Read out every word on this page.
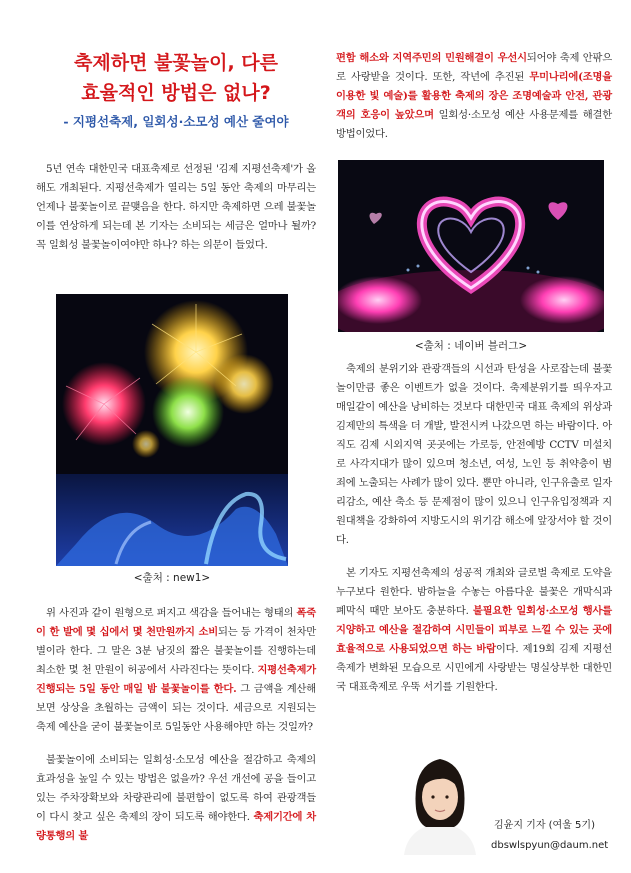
축제하면 불꽃놀이, 다른
효율적인 방법은 없나?
- 지평선축제, 일회성·소모성 예산 줄여야

5년 연속 대한민국 대표축제로 선정된 '김제 지평선축제'가 올해도 개최된다. 지평선축제가 열리는 5일 동안 축제의 마무리는 언제나 불꽃놀이로 끝맺음을 한다. 하지만 축제하면 으레 불꽃놀이를 연상하게 되는데 본 기자는 소비되는 세금은 얼마나 될까? 꼭 일회성 불꽃놀이여야만 하나? 하는 의문이 들었다.

<출처 : new1>

위 사진과 같이 원형으로 퍼지고 색감을 들어내는 형태의 폭죽이 한 발에 몇 십에서 몇 천만원까지 소비되는 등 가격이 천차만별이라 한다. 그 말은 3분 남짓의 짧은 불꽃놀이를 진행하는데 최소한 몇 천 만원이 허공에서 사라진다는 뜻이다. 지평선축제가 진행되는 5일 동안 매일 밤 불꽃놀이를 한다. 그 금액을 계산해보면 상상을 초월하는 금액이 되는 것이다. 세금으로 지원되는 축제 예산을 굳이 불꽃놀이로 5일동안 사용해야만 하는 것일까?

불꽃놀이에 소비되는 일회성·소모성 예산을 절감하고 축제의 효과성을 높일 수 있는 방법은 없을까? 우선 개선에 공을 들이고 있는 주차장확보와 차량관리에 불편함이 없도록 하여 관광객들이 다시 찾고 싶은 축제의 장이 되도록 해야한다. 축제기간에 차량통행의 불

편함 해소와 지역주민의 민원해결이 우선시되어야 축제 안팎으로 사랑받을 것이다. 또한, 작년에 추진된 무미나리에(조명을 이용한 빛 예술)를 활용한 축제의 장은 조명예술과 안전, 관광객의 호응이 높았으며 일회성·소모성 예산 사용문제를 해결한 방법이었다.

<출처 : 네이버 블러그>

축제의 분위기와 관광객들의 시선과 탄성을 사로잡는데 불꽃놀이만큼 좋은 이벤트가 없을 것이다. 축제분위기를 띄우자고 매일같이 예산을 낭비하는 것보다 대한민국 대표 축제의 위상과 김제만의 특색을 더 개발, 발전시켜 나갔으면 하는 바람이다. 아직도 김제 시외지역 곳곳에는 가로등, 안전예방 CCTV 미설치로 사각지대가 많이 있으며 청소년, 여성, 노인 등 취약층이 범죄에 노출되는 사례가 많이 있다. 뿐만 아니라, 인구유출로 일자리감소, 예산 축소 등 문제점이 많이 있으니 인구유입정책과 지원대책을 강화하여 지방도시의 위기감 해소에 앞장서야 할 것이다.

본 기자도 지평선축제의 성공적 개최와 글로벌 축제로 도약을 누구보다 원한다. 밤하늘을 수놓는 아름다운 불꽃은 개막식과 폐막식 때만 보아도 충분하다. 불필요한 일회성·소모성 행사를 지양하고 예산을 절감하여 시민들이 피부로 느낄 수 있는 곳에 효율적으로 사용되었으면 하는 바람이다. 제19회 김제 지평선축제가 변화된 모습으로 시민에게 사랑받는 명실상부한 대한민국 대표축제로 우뚝 서기를 기원한다.

김윤지 기자 (여울 5기)
dbswlspyun@daum.net
